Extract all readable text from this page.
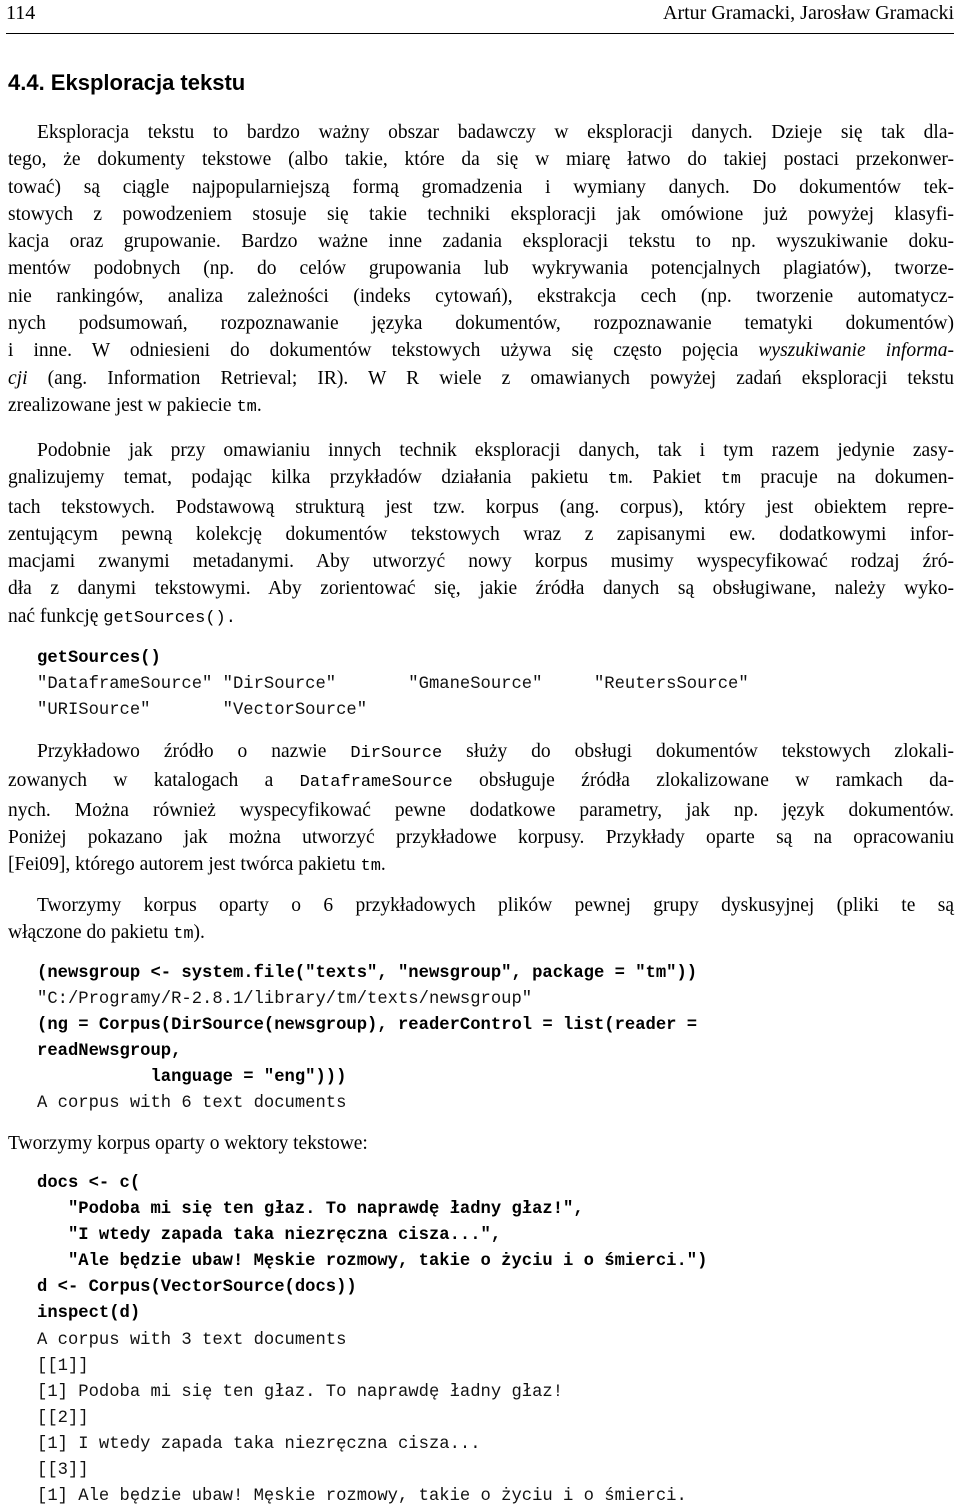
114	Artur Gramacki, Jarosław Gramacki
4.4. Eksploracja tekstu
Eksploracja tekstu to bardzo ważny obszar badawczy w eksploracji danych. Dzieje się tak dla-
tego, że dokumenty tekstowe (albo takie, które da się w miarę łatwo do takiej postaci przekonwer-
tować) są ciągle najpopularniejszą formą gromadzenia i wymiany danych. Do dokumentów tek-
stowych z powodzeniem stosuje się takie techniki eksploracji jak omówione już powyżej klasyfi-
kacja oraz grupowanie. Bardzo ważne inne zadania eksploracji tekstu to np. wyszukiwanie doku-
mentów podobnych (np. do celów grupowania lub wykrywania potencjalnych plagiatów), tworze-
nie rankingów, analiza zależności (indeks cytowań), ekstrakcja cech (np. tworzenie automatycz-
nych podsumowań, rozpoznawanie języka dokumentów, rozpoznawanie tematyki dokumentów)
i inne. W odniesieni do dokumentów tekstowych używa się często pojęcia wyszukiwanie informa-
cji (ang. Information Retrieval; IR). W R wiele z omawianych powyżej zadań eksploracji tekstu
zrealizowane jest w pakiecie tm.
Podobnie jak przy omawianiu innych technik eksploracji danych, tak i tym razem jedynie zasy-
gnalizujemy temat, podając kilka przykładów działania pakietu tm. Pakiet tm pracuje na dokumen-
tach tekstowych. Podstawową strukturą jest tzw. korpus (ang. corpus), który jest obiektem repre-
zentującym pewną kolekcję dokumentów tekstowych wraz z zapisanymi ew. dodatkowymi infor-
macjami zwanymi metadanymi. Aby utworzyć nowy korpus musimy wyspecyfikować rodzaj źró-
dła z danymi tekstowymi. Aby zorientować się, jakie źródła danych są obsługiwane, należy wyko-
nać funkcję getSources().
getSources()
"DataframeSource" "DirSource"       "GmaneSource"     "ReutersSource"
"URISource"       "VectorSource"
Przykładowo źródło o nazwie DirSource służy do obsługi dokumentów tekstowych zlokali-
zowanych w katalogach a DataframeSource obsługuje źródła zlokalizowane w ramkach da-
nych. Można również wyspecyfikować pewne dodatkowe parametry, jak np. język dokumentów.
Poniżej pokazano jak można utworzyć przykładowe korpusy. Przykłady oparte są na opracowaniu
[Fei09], którego autorem jest twórca pakietu tm.
Tworzymy korpus oparty o 6 przykładowych plików pewnej grupy dyskusyjnej (pliki te są
włączone do pakietu tm).
(newsgroup <- system.file("texts", "newsgroup", package = "tm"))
"C:/Programy/R-2.8.1/library/tm/texts/newsgroup"
(ng = Corpus(DirSource(newsgroup), readerControl = list(reader =
readNewsgroup,
language = "eng")))
A corpus with 6 text documents
Tworzymy korpus oparty o wektory tekstowe:
docs <- c(
"Podoba mi się ten głaz. To naprawdę ładny głaz!",
"I wtedy zapada taka niezręczna cisza...",
"Ale będzie ubaw! Męskie rozmowy, takie o życiu i o śmierci.")
d <- Corpus(VectorSource(docs))
inspect(d)
A corpus with 3 text documents
[[1]]
[1] Podoba mi się ten głaz. To naprawdę ładny głaz!
[[2]]
[1] I wtedy zapada taka niezręczna cisza...
[[3]]
[1] Ale będzie ubaw! Męskie rozmowy, takie o życiu i o śmierci.
